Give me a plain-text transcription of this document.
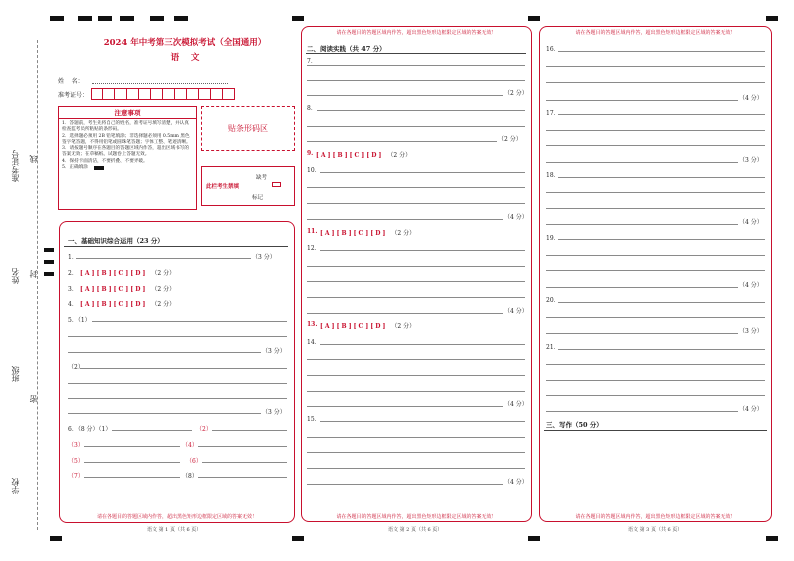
准考证号 线
姓名 封
班级
密
学校
2024 年中考第三次模拟考试（全国通用）
语    文
姓    名：
准考证号：
注意事项
1．答题前，考生先将自己的姓名，准考证号填写清楚，并认真检查监考员所粘贴的条形码。
2．选择题必须用 2B 铅笔填涂；非选择题必须用 0.5mm 黑色签字笔答题，不得用铅笔或圆珠笔答题；字体工整、笔迹清晰。
3．请按题号顺序在各题目的答题区域内作答，超出区域书写的答案无效；在草稿纸、试题卷上答题无效。
4．保持卡面清洁，不要折叠、不要弄破。
5．正确填涂
贴条形码区
此栏考生禁填
缺考
标记
请在各题目的答题区域内作答，超出黑色矩形边框限定区域的答案无效！
一、基础知识综合运用（23 分）
1．	（3 分）
2． [ A ] [ B ] [ C ] [ D ] （2 分）
3． [ A ] [ B ] [ C ] [ D ] （2 分）
4． [ A ] [ B ] [ C ] [ D ] （2 分）
5．（1）
（3 分）
（2）
（3 分）
6．（8 分）（1）	（2）
（3）	（4）
（5）	（6）
（7）	（8）
语文 第 1 页（共 6 页）
请在各题目的答题区域内作答，超出黑色矩形边框限定区域的答案无效！
请在各题目的答题区域内作答，超出黑色矩形边框限定区域的答案无效！
二、阅读实践（共 47 分）
7．
（2 分）
8．
（2 分）
9. [ A ] [ B ] [ C ] [ D ] （2 分）
10．
（4 分）
11. [ A ] [ B ] [ C ] [ D ] （2 分）
12．
（4 分）
13. [ A ] [ B ] [ C ] [ D ] （2 分）
14．
（4 分）
15．
（4 分）
语文 第 2 页（共 6 页）
请在各题目的答题区域内作答，超出黑色矩形边框限定区域的答案无效！
请在各题目的答题区域内作答，超出黑色矩形边框限定区域的答案无效！
16．
（4 分）
17．
（3 分）
18．
（4 分）
19．
（4 分）
20．
（3 分）
21．
（4 分）
三、写作（50 分）
语文 第 3 页（共 6 页）
